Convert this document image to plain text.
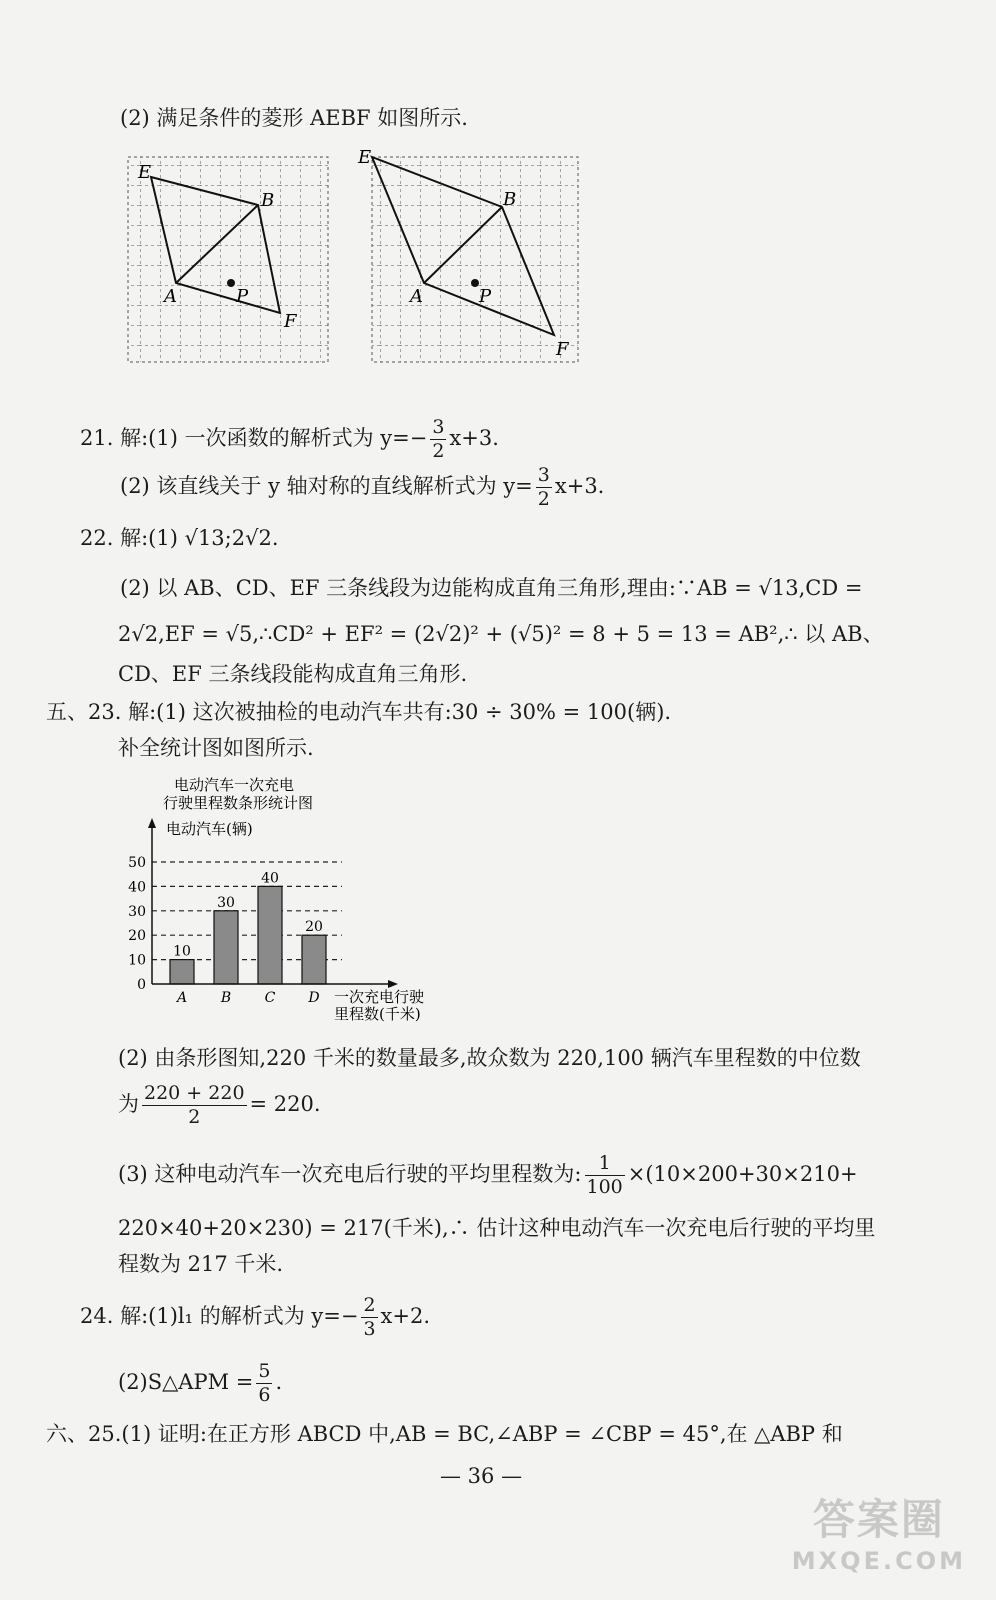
(2) 满足条件的菱形 AEBF 如图所示.
E
B
A	P
F
E
B
A	P
F
21. 解:(1) 一次函数的解析式为 $y=- \frac{3}{2} x+3$.
(2) 该直线关于 y 轴对称的直线解析式为 $y= \frac{3}{2} x+3$.
22. 解:(1) √13;2√2.
(2) 以 AB、CD、EF 三条线段为边能构成直角三角形,理由:∵AB = √13,CD =
2√2,EF = √5,∴CD² + EF² = (2√2)² + (√5)² = 8 + 5 = 13 = AB²,∴ 以 AB、
CD、EF 三条线段能构成直角三角形.
五、23. 解:(1) 这次被抽检的电动汽车共有:30 ÷ 30% = 100(辆).
补全统计图如图所示.
电动汽车一次充电
行驶里程数条形统计图
电动汽车(辆)
一次充电行驶
里程数(千米)
0
10
20
30
40
50
10
A
30
B
40
C
20
D
(2) 由条形图知,220 千米的数量最多,故众数为 220,100 辆汽车里程数的中位数
为 $\frac{220 + 220}{2} = 220$.
(3) 这种电动汽车一次充电后行驶的平均里程数为: $\frac{1}{100} \times(10\times 200+30\times 210+$
220×40+20×230) = 217(千米),∴ 估计这种电动汽车一次充电后行驶的平均里
程数为 217 千米.
24. 解:(1)l₁ 的解析式为 $y=- \frac{2}{3} x+2$.
(2)S△APM = $\frac{5}{6}$ .
六、25.(1) 证明:在正方形 ABCD 中,AB = BC,∠ABP = ∠CBP = 45°,在 △ABP 和
— 36 —
答案圈
MXQE.COM
